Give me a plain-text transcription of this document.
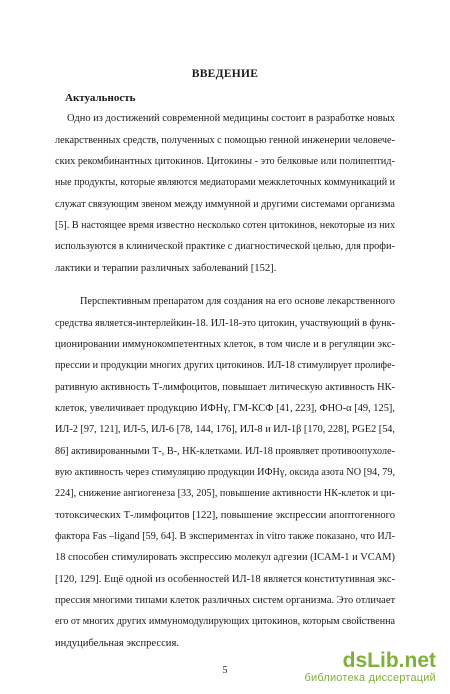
ВВЕДЕНИЕ
Актуальность
Одно из достижений современной медицины состоит в разработке новых
лекарственных средств, полученных с помощью генной инженерии человече-
ских рекомбинантных цитокинов. Цитокины - это белковые или полипептид-
ные продукты, которые являются медиаторами межклеточных коммуникаций и
служат связующим звеном между иммунной и другими системами организма
[5]. В настоящее время известно несколько сотен цитокинов, некоторые из них
используются в клинической практике с диагностической целью, для профи-
лактики и терапии различных заболеваний [152].
Перспективным препаратом для создания на его основе лекарственного
средства является-интерлейкин-18. ИЛ-18-это цитокин, участвующий в функ-
ционировании иммунокомпетентных клеток, в том числе и в регуляции экс-
прессии и продукции многих других цитокинов. ИЛ-18 стимулирует пролифе-
ративную активность Т-лимфоцитов, повышает литическую активность НК-
клеток, увеличивает продукцию ИФНγ, ГМ-КСФ [41, 223], ФНО-α [49, 125],
ИЛ-2 [97, 121], ИЛ-5, ИЛ-6 [78, 144, 176], ИЛ-8 и ИЛ-1β [170, 228], PGE2 [54,
86] активированными Т-, В-, НК-клетками. ИЛ-18 проявляет противоопухоле-
вую активность через стимуляцию продукции ИФНγ, оксида азота NO [94, 79,
224], снижение ангиогенеза [33, 205], повышение активности НК-клеток и ци-
тотоксических Т-лимфоцитов [122], повышение экспрессии апоптогенного
фактора Fas –ligand [59, 64]. В экспериментах in vitro также показано, что ИЛ-
18 способен стимулировать экспрессию молекул адгезии (ICAM-1 и VCAM)
[120, 129]. Ещё одной из особенностей ИЛ-18 является конститутивная экс-
прессия многими типами клеток различных систем организма. Это отличает
его от многих других иммуномодулирующих цитокинов, которым свойственна
индуцибельная экспрессия.
5	dsLib.net
библиотека диссертаций
